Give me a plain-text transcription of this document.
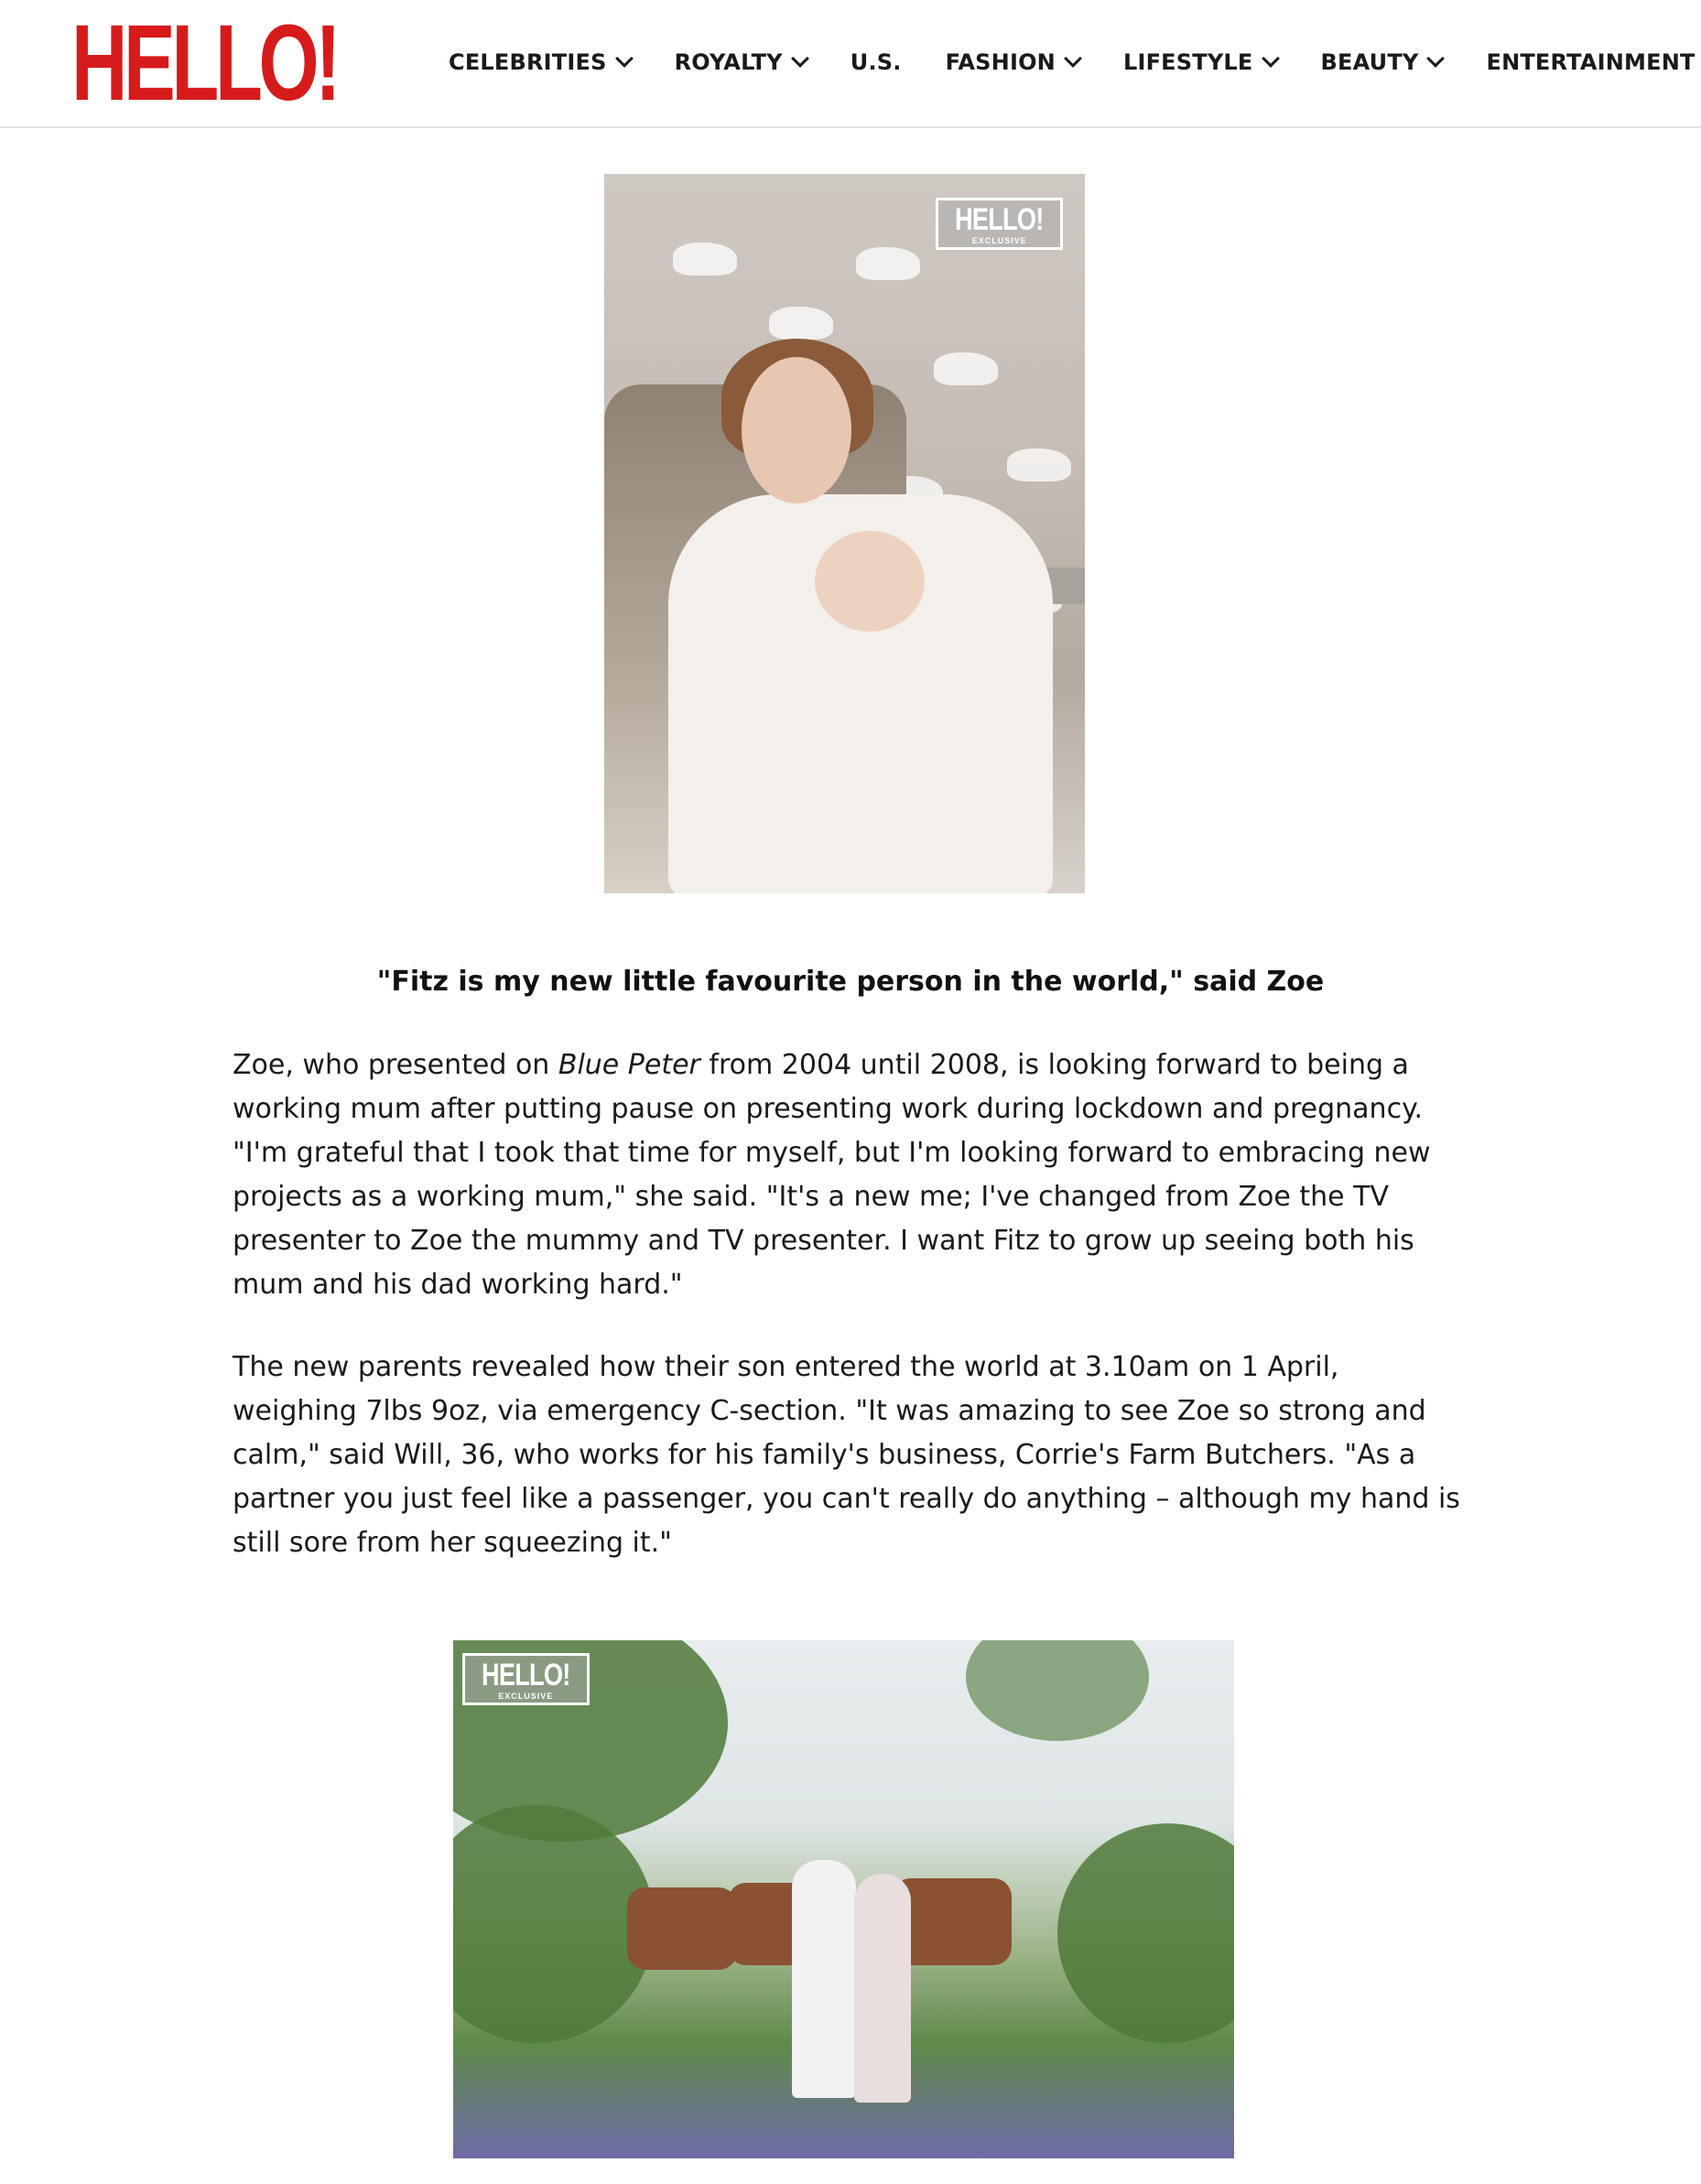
HELLO!	CELEBRITIES	ROYALTY	U.S. FASHION	LIFESTYLE	BEAUTY	ENTERTAINMENT
HELLO!
EXCLUSIVE
"Fitz is my new little favourite person in the world," said Zoe

Zoe, who presented on Blue Peter from 2004 until 2008, is looking forward to being a working mum after putting pause on presenting work during lockdown and pregnancy. "I'm grateful that I took that time for myself, but I'm looking forward to embracing new projects as a working mum," she said. "It's a new me; I've changed from Zoe the TV presenter to Zoe the mummy and TV presenter. I want Fitz to grow up seeing both his mum and his dad working hard."

The new parents revealed how their son entered the world at 3.10am on 1 April, weighing 7lbs 9oz, via emergency C-section. "It was amazing to see Zoe so strong and calm," said Will, 36, who works for his family's business, Corrie's Farm Butchers. "As a partner you just feel like a passenger, you can't really do anything – although my hand is still sore from her squeezing it."

HELLO!
EXCLUSIVE
